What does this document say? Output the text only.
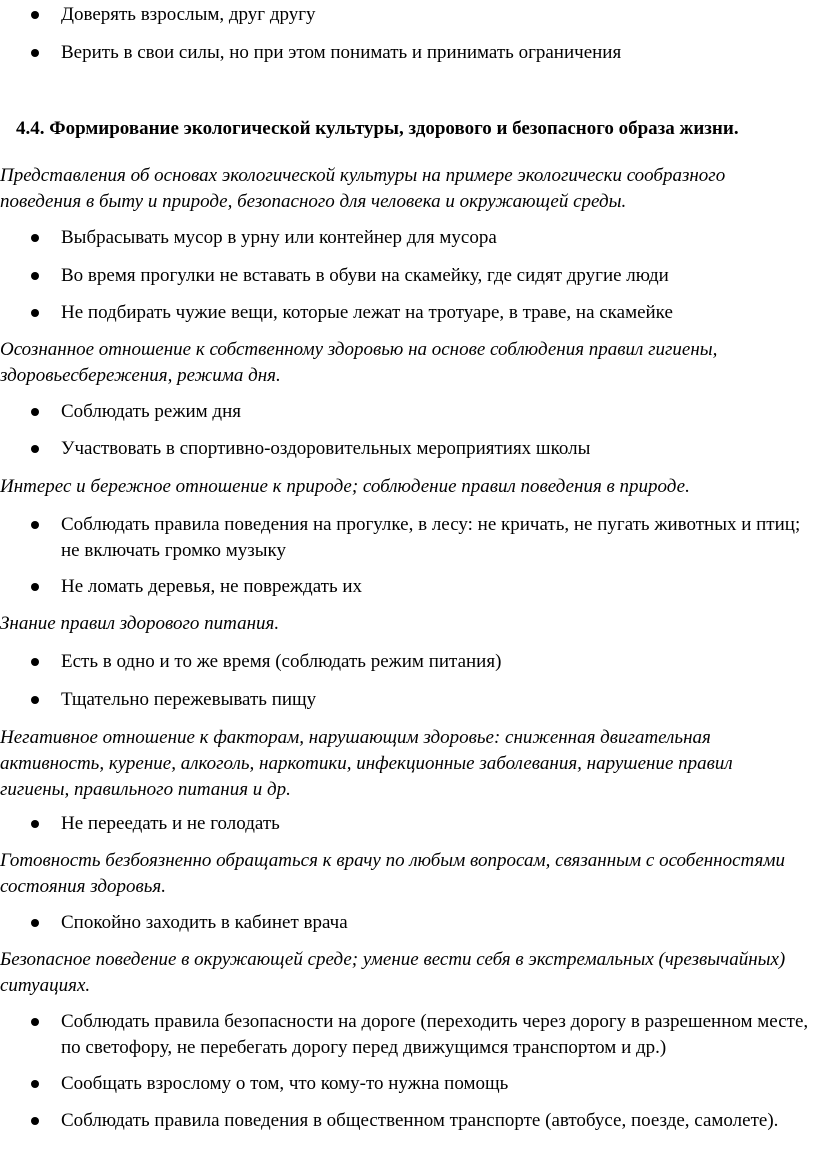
Доверять взрослым, друг другу
Верить в свои силы, но при этом понимать и принимать ограничения
4.4. Формирование экологической культуры, здорового и безопасного образа жизни.
Представления об основах экологической культуры на примере экологически сообразного поведения в быту и природе, безопасного для человека и окружающей среды.
Выбрасывать мусор в урну или контейнер для мусора
Во время прогулки не вставать в обуви на скамейку, где сидят другие люди
Не подбирать чужие вещи, которые лежат на тротуаре, в траве, на скамейке
Осознанное отношение к собственному здоровью на основе соблюдения правил гигиены, здоровьесбережения, режима дня.
Соблюдать режим дня
Участвовать в спортивно-оздоровительных мероприятиях школы
Интерес и бережное отношение к природе; соблюдение правил поведения в природе.
Соблюдать правила поведения на прогулке, в лесу: не кричать, не пугать животных и птиц; не включать громко музыку
Не ломать деревья, не повреждать их
Знание правил здорового питания.
Есть в одно и то же время (соблюдать режим питания)
Тщательно пережевывать пищу
Негативное отношение к факторам, нарушающим здоровье: сниженная двигательная активность, курение, алкоголь, наркотики, инфекционные заболевания, нарушение правил гигиены, правильного питания и др.
Не переедать и не голодать
Готовность безбоязненно обращаться к врачу по любым вопросам, связанным с особенностями состояния здоровья.
Спокойно заходить в кабинет врача
Безопасное поведение в окружающей среде; умение вести себя в экстремальных (чрезвычайных) ситуациях.
Соблюдать правила безопасности на дороге (переходить через дорогу в разрешенном месте, по светофору, не перебегать дорогу перед движущимся транспортом и др.)
Сообщать взрослому о том, что кому-то нужна помощь
Соблюдать правила поведения в общественном транспорте (автобусе, поезде, самолете).
